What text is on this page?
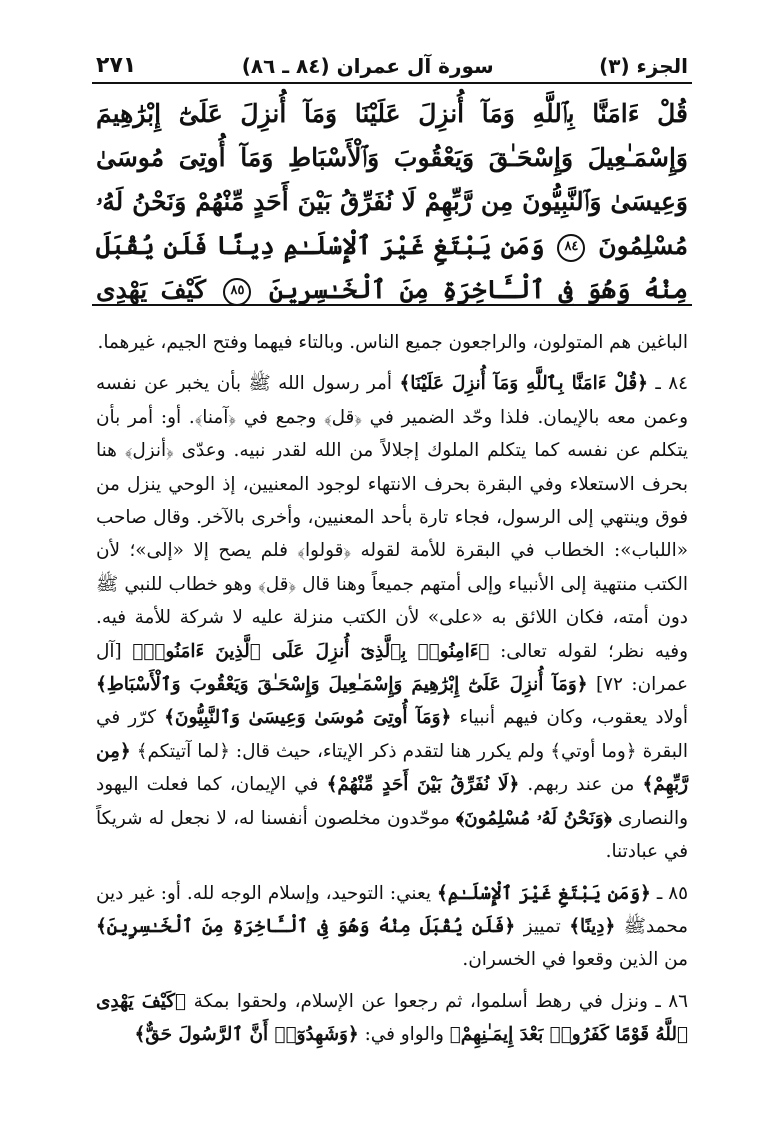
الجزء (٣)
سورة آل عمران (٨٤ ـ ٨٦)
٢٧١
قُلْ ءَامَنَّا بِٱللَّهِ وَمَآ أُنزِلَ عَلَيْنَا وَمَآ أُنزِلَ عَلَىٰٓ إِبْرَٰهِيمَ وَإِسْمَـٰعِيلَ وَإِسْحَـٰقَ وَيَعْقُوبَ وَٱلْأَسْبَاطِ وَمَآ أُوتِىَ مُوسَىٰ وَعِيسَىٰ وَٱلنَّبِيُّونَ مِن رَّبِّهِمْ لَا نُفَرِّقُ بَيْنَ أَحَدٍ مِّنْهُمْ وَنَحْنُ لَهُۥ مُسْلِمُونَ ٨٤ وَمَن يَبْتَغِ غَيْرَ ٱلْإِسْلَـٰمِ دِينًا فَلَن يُقْبَلَ مِنْهُ وَهُوَ فِى ٱلْـَٔاخِرَةِ مِنَ ٱلْخَـٰسِرِينَ ٨٥ كَيْفَ يَهْدِى

الباغين هم المتولون، والراجعون جميع الناس. وبالتاء فيهما وفتح الجيم، غيرهما.

٨٤ ـ ﴿قُلْ ءَامَنَّا بِٱللَّهِ وَمَآ أُنزِلَ عَلَيْنَا﴾ أمر رسول الله ﷺ بأن يخبر عن نفسه وعمن معه بالإيمان. فلذا وحّد الضمير في ﴿قل﴾ وجمع في ﴿آمنا﴾. أو: أمر بأن يتكلم عن نفسه كما يتكلم الملوك إجلالاً من الله لقدر نبيه. وعدّى ﴿أنزل﴾ هنا بحرف الاستعلاء وفي البقرة بحرف الانتهاء لوجود المعنيين، إذ الوحي ينزل من فوق وينتهي إلى الرسول، فجاء تارة بأحد المعنيين، وأخرى بالآخر. وقال صاحب «اللباب»: الخطاب في البقرة للأمة لقوله ﴿قولوا﴾ فلم يصح إلا «إلى»؛ لأن الكتب منتهية إلى الأنبياء وإلى أمتهم جميعاً وهنا قال ﴿قل﴾ وهو خطاب للنبي ﷺ دون أمته، فكان اللائق به «على» لأن الكتب منزلة عليه لا شركة للأمة فيه. وفيه نظر؛ لقوله تعالى: ﴿ءَامِنُوا۟ بِٱلَّذِىٓ أُنزِلَ عَلَى ٱلَّذِينَ ءَامَنُوا۟﴾ [آل عمران: ٧٢] ﴿وَمَآ أُنزِلَ عَلَىٰٓ إِبْرَٰهِيمَ وَإِسْمَـٰعِيلَ وَإِسْحَـٰقَ وَيَعْقُوبَ وَٱلْأَسْبَاطِ﴾ أولاد يعقوب، وكان فيهم أنبياء ﴿وَمَآ أُوتِىَ مُوسَىٰ وَعِيسَىٰ وَٱلنَّبِيُّونَ﴾ كرّر في البقرة ﴿وما أوتي﴾ ولم يكرر هنا لتقدم ذكر الإيتاء، حيث قال: ﴿لما آتيتكم﴾ ﴿مِن رَّبِّهِمْ﴾ من عند ربهم. ﴿لَا نُفَرِّقُ بَيْنَ أَحَدٍ مِّنْهُمْ﴾ في الإيمان، كما فعلت اليهود والنصارى ﴿وَنَحْنُ لَهُۥ مُسْلِمُونَ﴾ موحّدون مخلصون أنفسنا له، لا نجعل له شريكاً في عبادتنا.

٨٥ ـ ﴿وَمَن يَبْتَغِ غَيْرَ ٱلْإِسْلَـٰمِ﴾ يعني: التوحيد، وإسلام الوجه لله. أو: غير دين محمدﷺ ﴿دِينًا﴾ تمييز ﴿فَلَن يُقْبَلَ مِنْهُ وَهُوَ فِى ٱلْـَٔاخِرَةِ مِنَ ٱلْخَـٰسِرِينَ﴾ من الذين وقعوا في الخسران.

٨٦ ـ ونزل في رهط أسلموا، ثم رجعوا عن الإسلام، ولحقوا بمكة ﴿كَيْفَ يَهْدِى ٱللَّهُ قَوْمًا كَفَرُوا۟ بَعْدَ إِيمَـٰنِهِمْ﴾ والواو في: ﴿وَشَهِدُوٓا۟ أَنَّ ٱلرَّسُولَ حَقٌّ﴾
